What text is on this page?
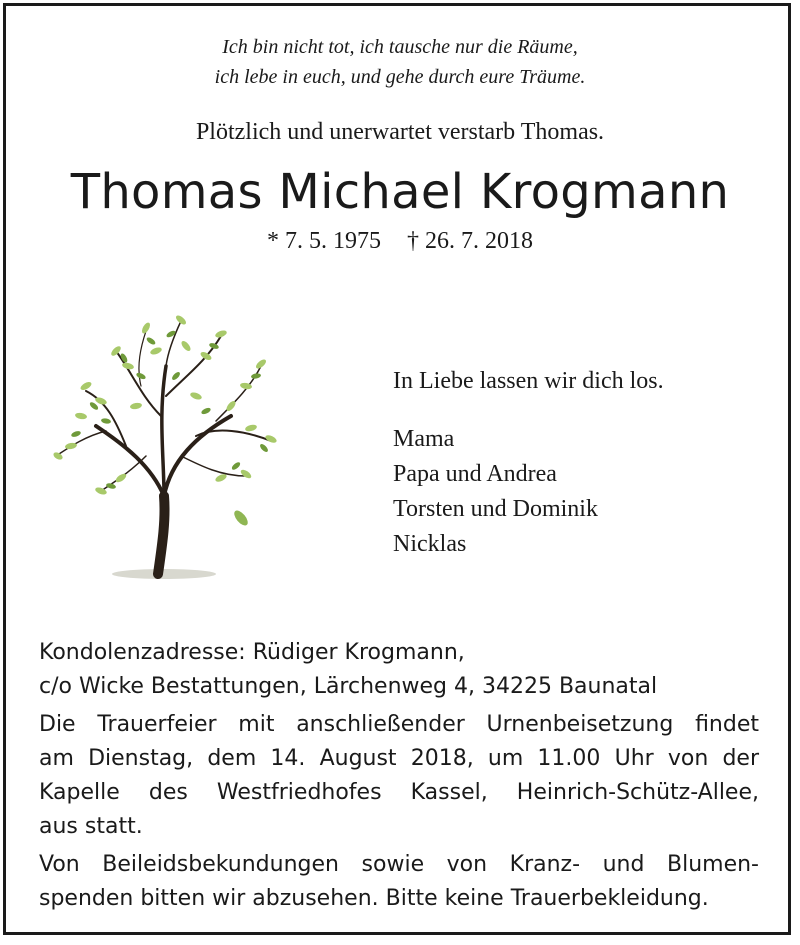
Ich bin nicht tot, ich tausche nur die Räume,
ich lebe in euch, und gehe durch eure Träume.
Plötzlich und unerwartet verstarb Thomas.
Thomas Michael Krogmann
* 7. 5. 1975 † 26. 7. 2018
In Liebe lassen wir dich los.
Mama
Papa und Andrea
Torsten und Dominik
Nicklas
Kondolenzadresse: Rüdiger Krogmann,
c/o Wicke Bestattungen, Lärchenweg 4, 34225 Baunatal
Die Trauerfeier mit anschließender Urnenbeisetzung findet
am Dienstag, dem 14. August 2018, um 11.00 Uhr von der
Kapelle des Westfriedhofes Kassel, Heinrich-Schütz-Allee,
aus statt.
Von Beileidsbekundungen sowie von Kranz- und Blumen-
spenden bitten wir abzusehen. Bitte keine Trauerbekleidung.
